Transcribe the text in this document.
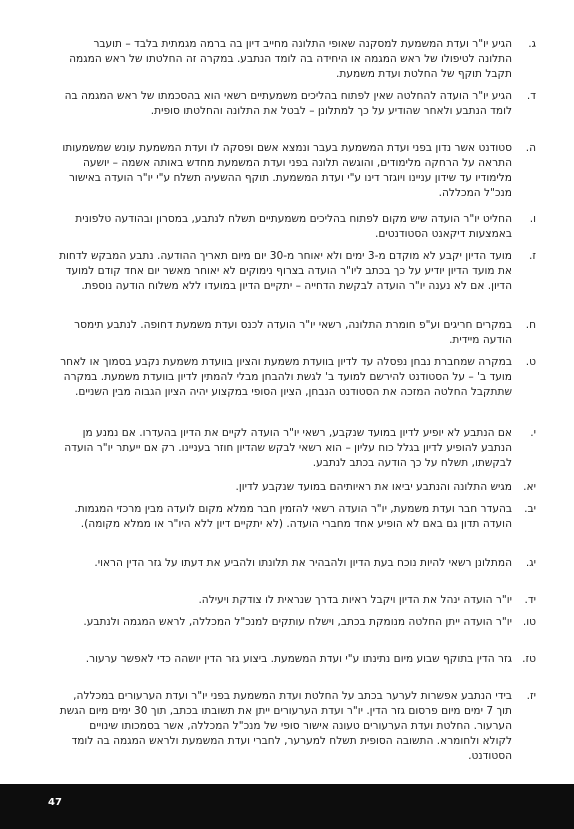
ג.
הגיע יו"ר ועדת המשמעת למסקנה שאופי התלונה מחייב דיון בה ברמה מגמתית בלבד – תועבר התלונה לטיפולו של ראש המגמה או היחידה בה לומד הנתבע. במקרה זה החלטתו של ראש המגמה תקבל תוקף של החלטת ועדת משמעת.
ד.
הגיע יו"ר הועדה להחלטה שאין לפתוח בהליכים משמעתיים רשאי הוא בהסכמתו של ראש המגמה בה לומד הנתבע ולאחר שהודיע על כך למתלונן – לבטל את התלונה והחלטתו סופית.
ה.
סטודנט אשר נדון בפני ועדת המשמעת בעבר ונמצא אשם ופסקה לו ועדת המשמעת עונש שמשמעותו התראה על הרחקה מלימודים, והוגשה תלונה בפני ועדת המשמעת מחדש באותה אשמה – יושעה מלימודיו עד שידון עניינו ויוגזר דינו ע"י ועדת המשמעת. תוקף ההשעיה תשלח ע"י יו"ר הועדה באישור מנכ"ל המכללה.
ו.
החליט יו"ר הועדה שיש מקום לפתוח בהליכים משמעתיים תשלח לנתבע, במסרון ובהודעה טלפונית באמצעות דיקאנט הסטודנטים.
ז.
מועד הדיון יקבע לא מוקדם מ-3 ימים ולא יאוחר מ-30 יום מיום תאריך ההודעה. נתבע המבקש לדחות את מועד הדיון יודיע על כך בכתב ליו"ר הועדה בצרוף נימוקים לא יאוחר מאשר יום אחד קודם למועד הדיון. אם לא נענה יו"ר הועדה לבקשת הדחייה – יתקיים הדיון במועדו ללא משלוח הודעה נוספת.
ח.
במקרים חריגים וע"פ חומרת התלונה, רשאי יו"ר הועדה לכנס ועדת משמעת דחופה. לנתבע תימסר הודעה מיידית.
ט.
במקרה שמחברת נבחן נפסלה עד לדיון בוועדת משמעת והציון בוועדת משמעת נקבע בסמוך או לאחר מועד ב' – על הסטודנט להירשם למועד ב' לגשת ולהבחן מבלי להמתין לדיון בוועדת משמעת. במקרה שתתקבל החלטה המזכה את הסטודנט הנבחן, הציון הסופי במקצוע יהיה הציון הגבוה מבין השניים.
י.
אם הנתבע לא יופיע לדיון במועד שנקבע, רשאי יו"ר הועדה לקיים את הדיון בהעדרו. אם נמנע מן הנתבע להופיע לדיון בגלל כוח עליון – הוא רשאי לבקש שהדיון חוזר בעניינו. רק אם ייעתר יו"ר הועדה לבקשתו, תשלח על כך הודעה בכתב לנתבע.
יא.
מגיש התלונה והנתבע יביאו את ראיותיהם במועד שנקבע לדיון.
יב.
בהעדר חבר ועדת משמעת, יו"ר הועדה רשאי להזמין חבר ממלא מקום לועדה מבין מרכזי המגמות. הועדה תדון גם באם לא הופיע אחד מחברי הועדה. (לא יתקיים דיון ללא היו"ר או ממלא מקומה).
יג.
המתלונן רשאי להיות נוכח בעת הדיון ולהבהיר את תלונתו ולהביע את דעתו על גזר הדין הראוי.
יד.
יו"ר הועדה ינהל את הדיון ויקבל ראיות בדרך שנראית לו צודקת ויעילה.
טו.
יו"ר הועדה ייתן החלטה מנומקת בכתב, וישלח עותקים למנכ"ל המכללה, לראש המגמה ולנתבע.
טז.
גזר הדין בתוקף שבוע מיום נתינתו ע"י ועדת המשמעת. ביצוע גזר הדין יושהה כדי לאפשר ערעור.
יז.
בידי הנתבע אפשרות לערער בכתב על החלטת ועדת המשמעת בפני יו"ר ועדת הערעורים במכללה, תוך 7 ימים מיום פרסום גזר הדין. יו"ר ועדת הערעורים ייתן את תשובתו בכתב, תוך 30 ימים מיום הגשת הערעור. החלטת ועדת הערעורים טעונה אישור סופי של מנכ"ל המכללה, אשר בסמכותו שינויים לקולא ולחומרא. התשובה הסופית תשלח למערער, לחברי ועדת המשמעת ולראש המגמה בה לומד הסטודנט.
47
